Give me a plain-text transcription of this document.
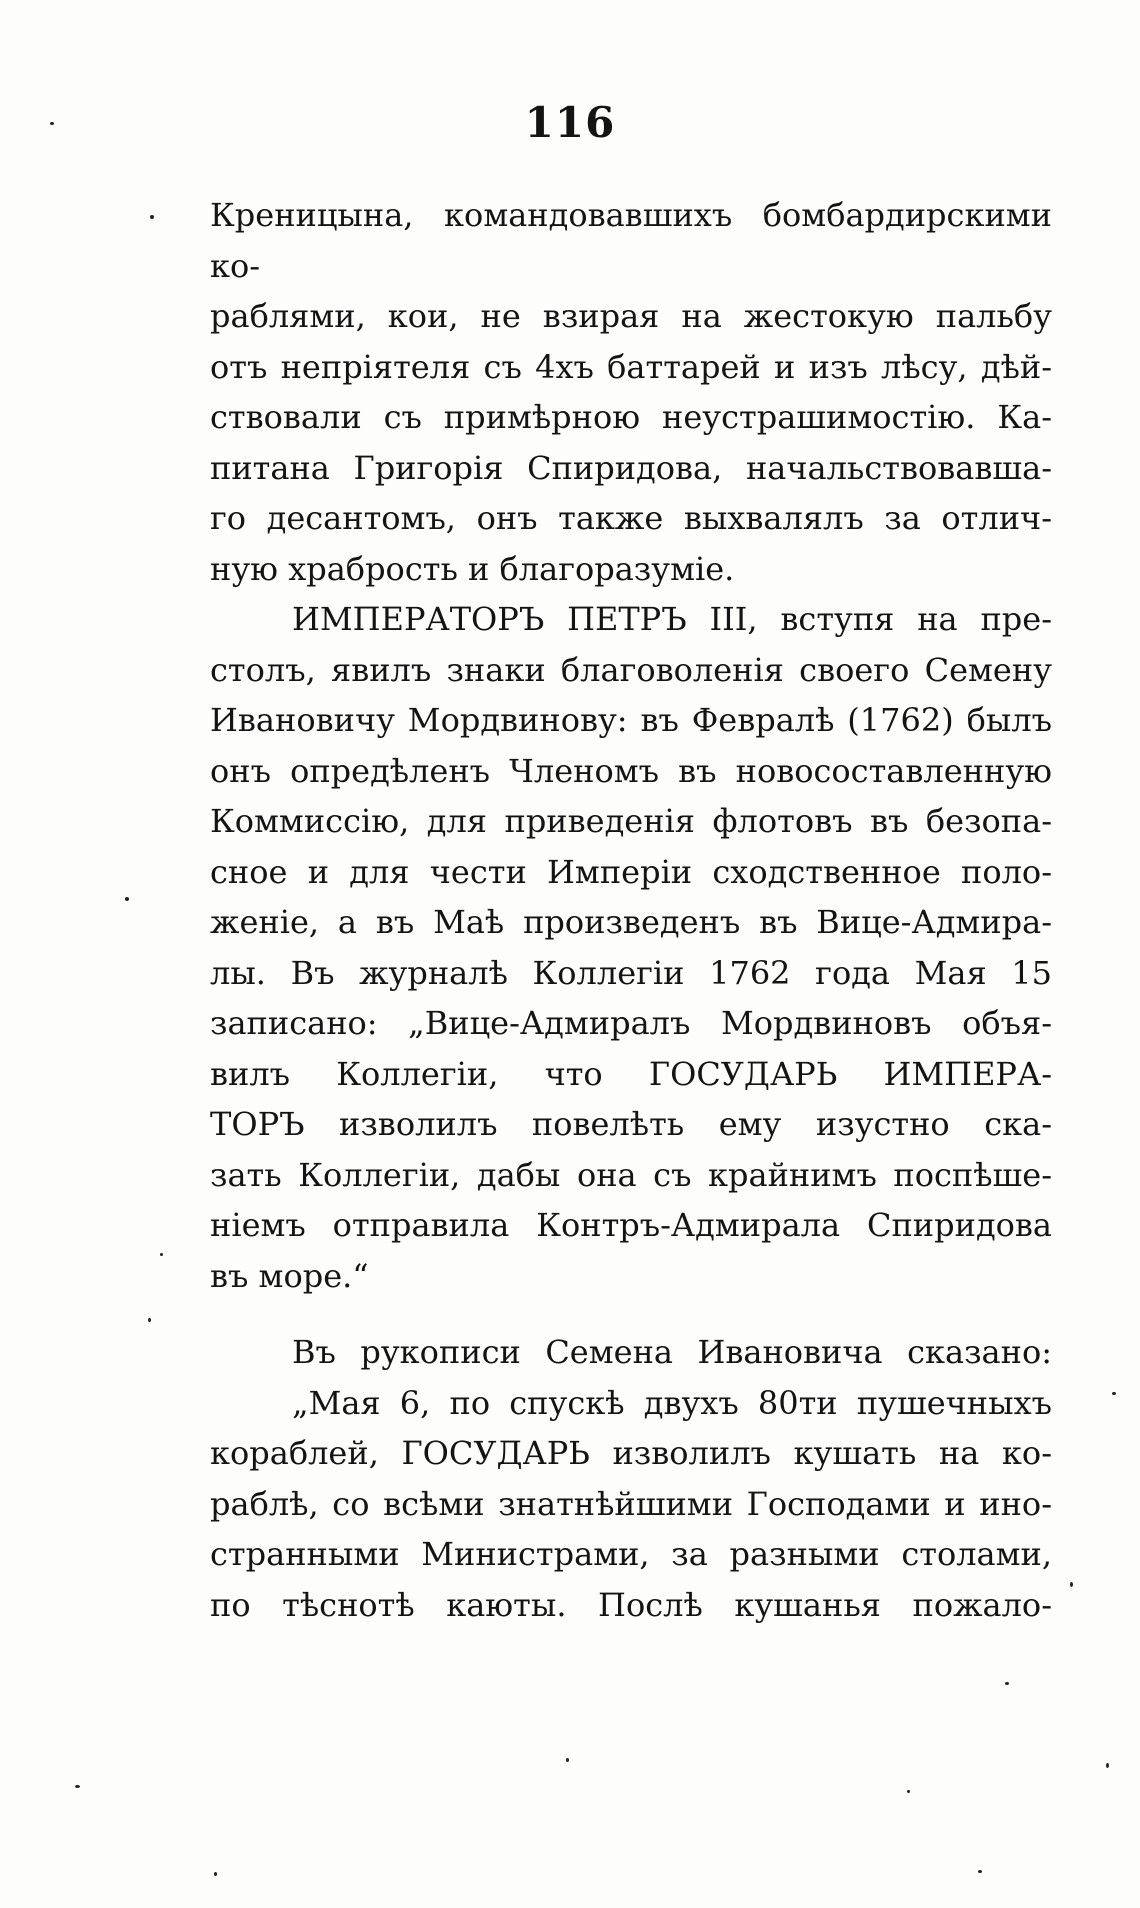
116

Креницына, командовавшихъ бомбардирскими ко-

раблями, кои, не взирая на жестокую пальбу

отъ непріятеля съ 4хъ баттарей и изъ лѣсу, дѣй-

ствовали съ примѣрною неустрашимостію. Ка-

питана Григорія Спиридова, начальствовавша-

го десантомъ, онъ также выхвалялъ за отлич-

ную храбрость и благоразуміе.

ИМПЕРАТОРЪ ПЕТРЪ III, вступя на пре-

столъ, явилъ знаки благоволенія своего Семену

Ивановичу Мордвинову: въ Февралѣ (1762) былъ

онъ опредѣленъ Членомъ въ новосоставленную

Коммиссію, для приведенія флотовъ въ безопа-

сное и для чести Имперіи сходственное поло-

женіе, а въ Маѣ произведенъ въ Вице-Адмира-

лы. Въ журналѣ Коллегіи 1762 года Мая 15

записано: „Вице-Адмиралъ Мордвиновъ объя-

вилъ Коллегіи, что ГОСУДАРЬ ИМПЕРА-

ТОРЪ изволилъ повелѣть ему изустно ска-

зать Коллегіи, дабы она съ крайнимъ поспѣше-

ніемъ отправила Контръ-Адмирала Спиридова

въ море.“

Въ рукописи Семена Ивановича сказано:

„Мая 6, по спускѣ двухъ 80ти пушечныхъ

кораблей, ГОСУДАРЬ изволилъ кушать на ко-

раблѣ, со всѣми знатнѣйшими Господами и ино-

странными Министрами, за разными столами,

по тѣснотѣ каюты. Послѣ кушанья пожало-
